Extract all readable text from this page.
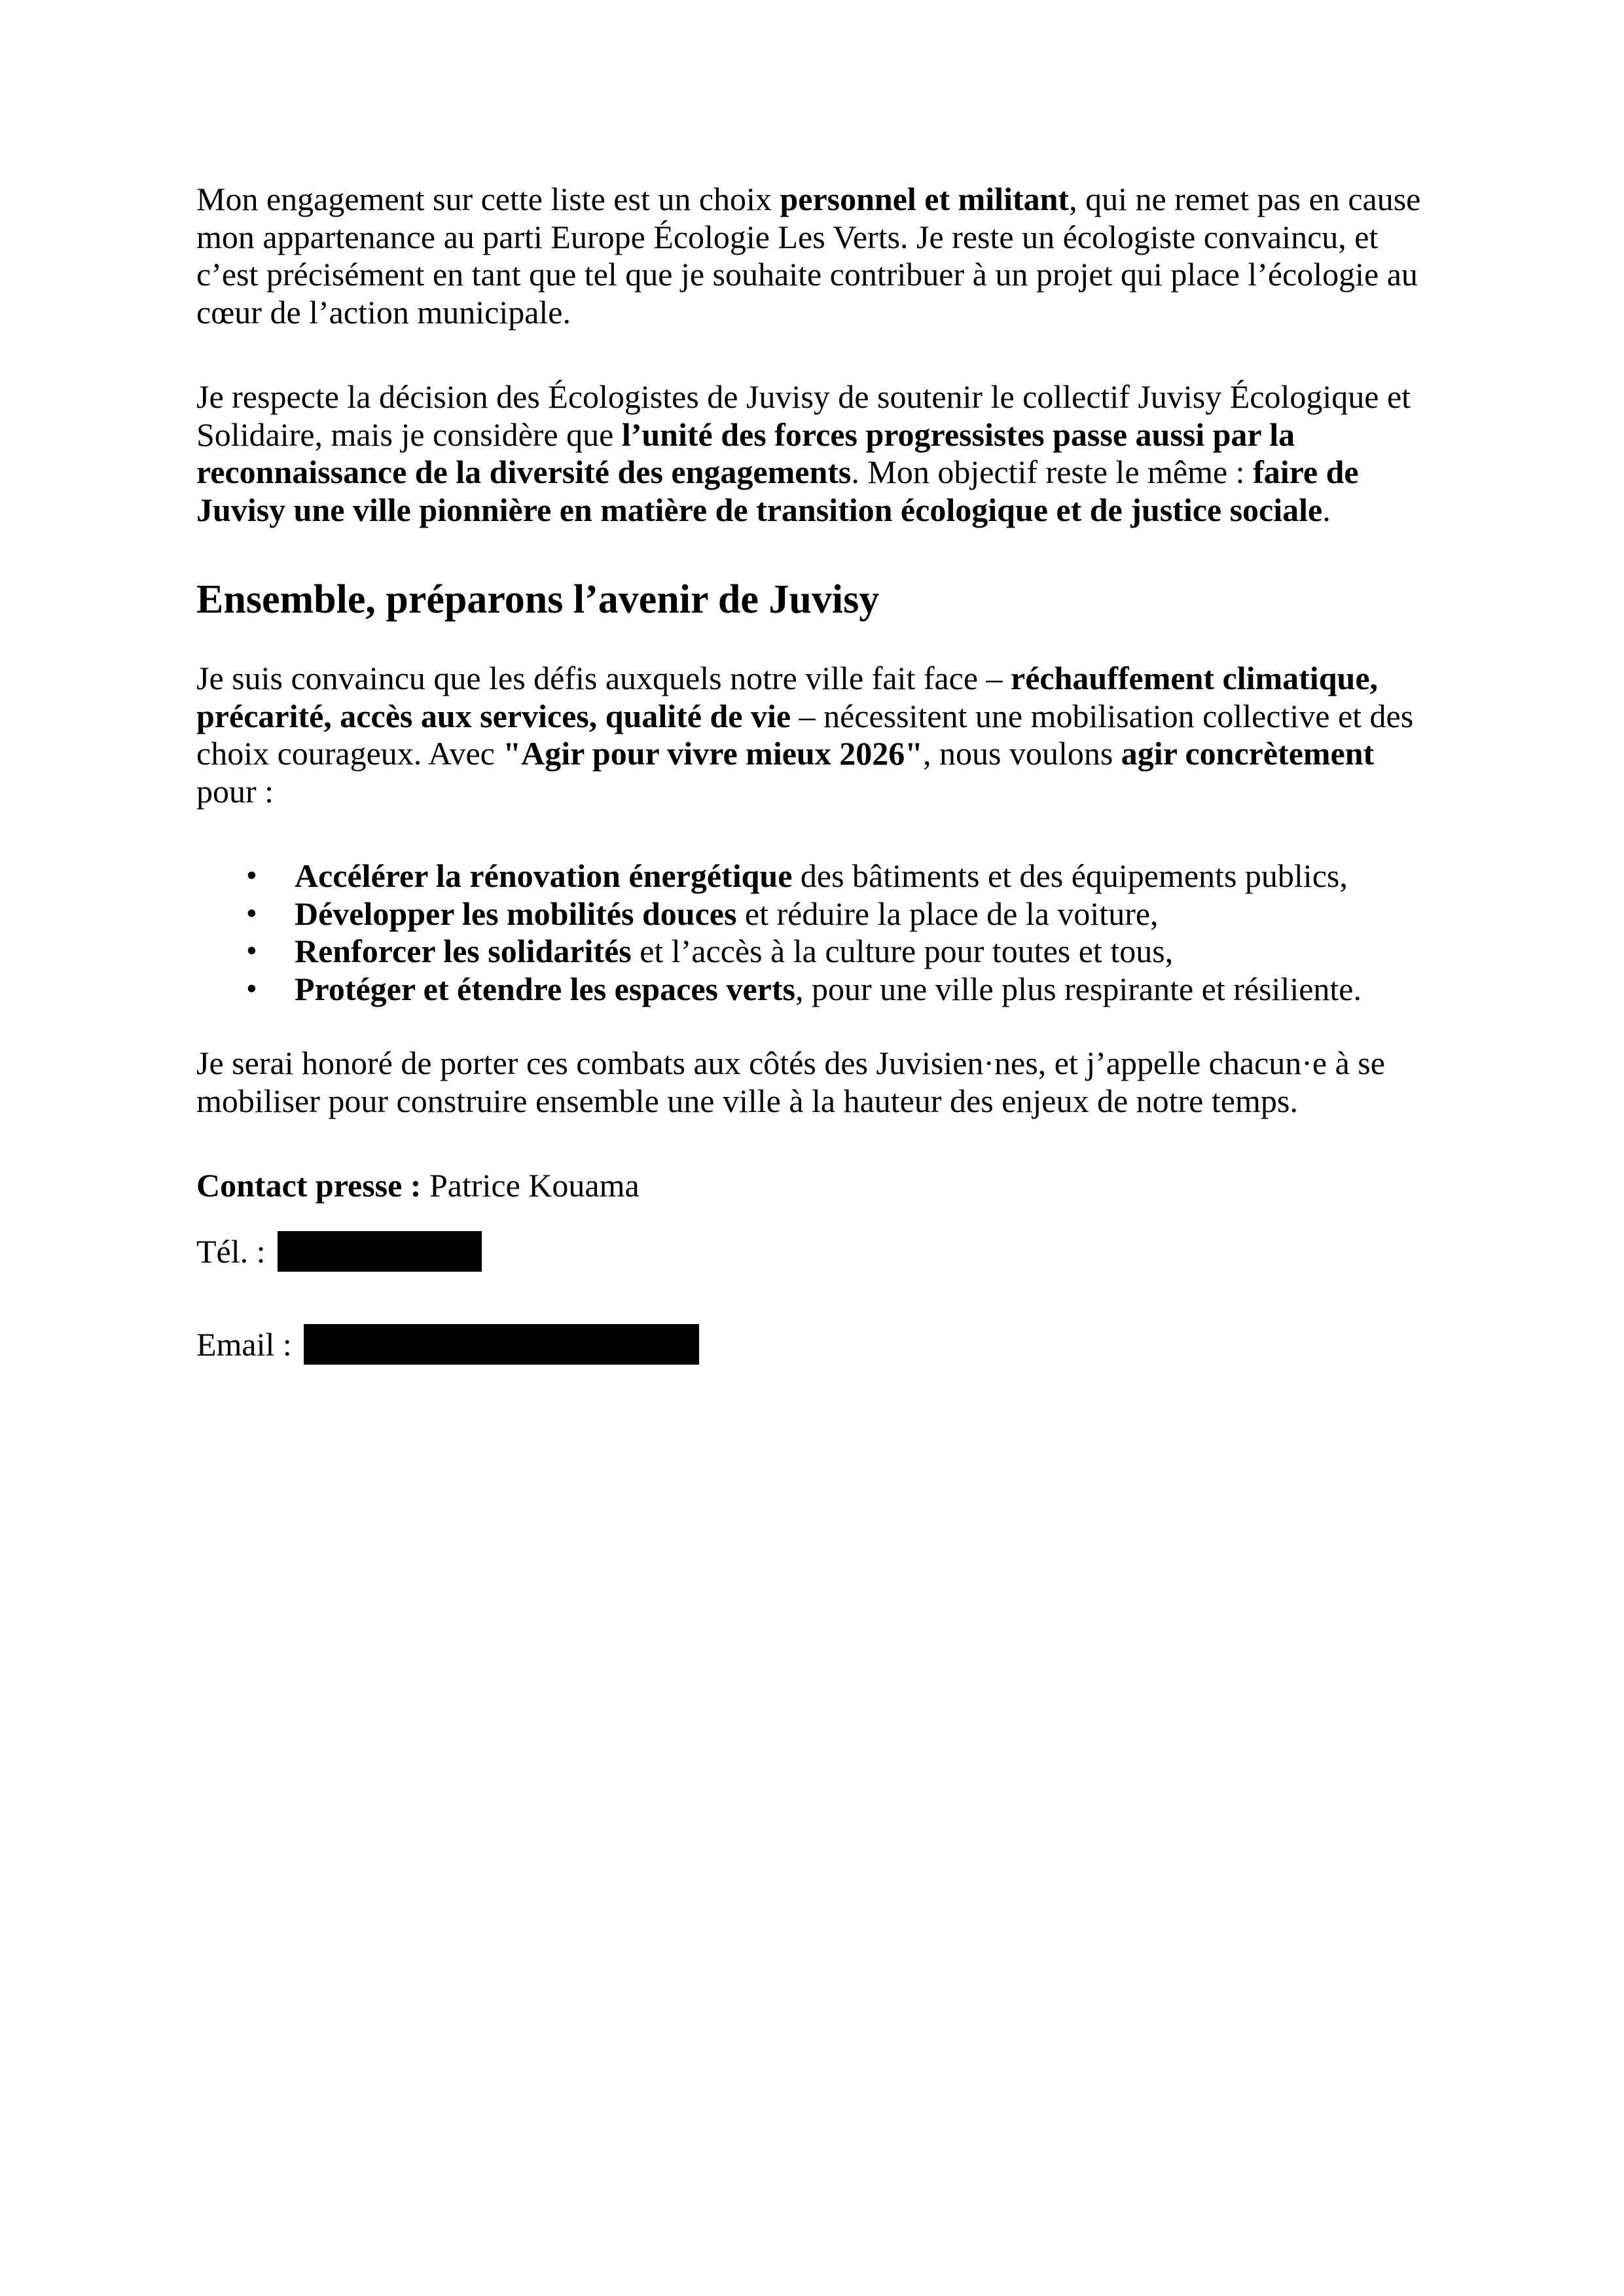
Mon engagement sur cette liste est un choix personnel et militant, qui ne remet pas en cause mon appartenance au parti Europe Écologie Les Verts. Je reste un écologiste convaincu, et c’est précisément en tant que tel que je souhaite contribuer à un projet qui place l’écologie au cœur de l’action municipale.

Je respecte la décision des Écologistes de Juvisy de soutenir le collectif Juvisy Écologique et Solidaire, mais je considère que l’unité des forces progressistes passe aussi par la reconnaissance de la diversité des engagements. Mon objectif reste le même : faire de Juvisy une ville pionnière en matière de transition écologique et de justice sociale.

Ensemble, préparons l’avenir de Juvisy

Je suis convaincu que les défis auxquels notre ville fait face – réchauffement climatique, précarité, accès aux services, qualité de vie – nécessitent une mobilisation collective et des choix courageux. Avec "Agir pour vivre mieux 2026", nous voulons agir concrètement pour :

• Accélérer la rénovation énergétique des bâtiments et des équipements publics,
• Développer les mobilités douces et réduire la place de la voiture,
• Renforcer les solidarités et l’accès à la culture pour toutes et tous,
• Protéger et étendre les espaces verts, pour une ville plus respirante et résiliente.

Je serai honoré de porter ces combats aux côtés des Juvisien·nes, et j’appelle chacun·e à se mobiliser pour construire ensemble une ville à la hauteur des enjeux de notre temps.

Contact presse : Patrice Kouama

Tél. :

Email :
